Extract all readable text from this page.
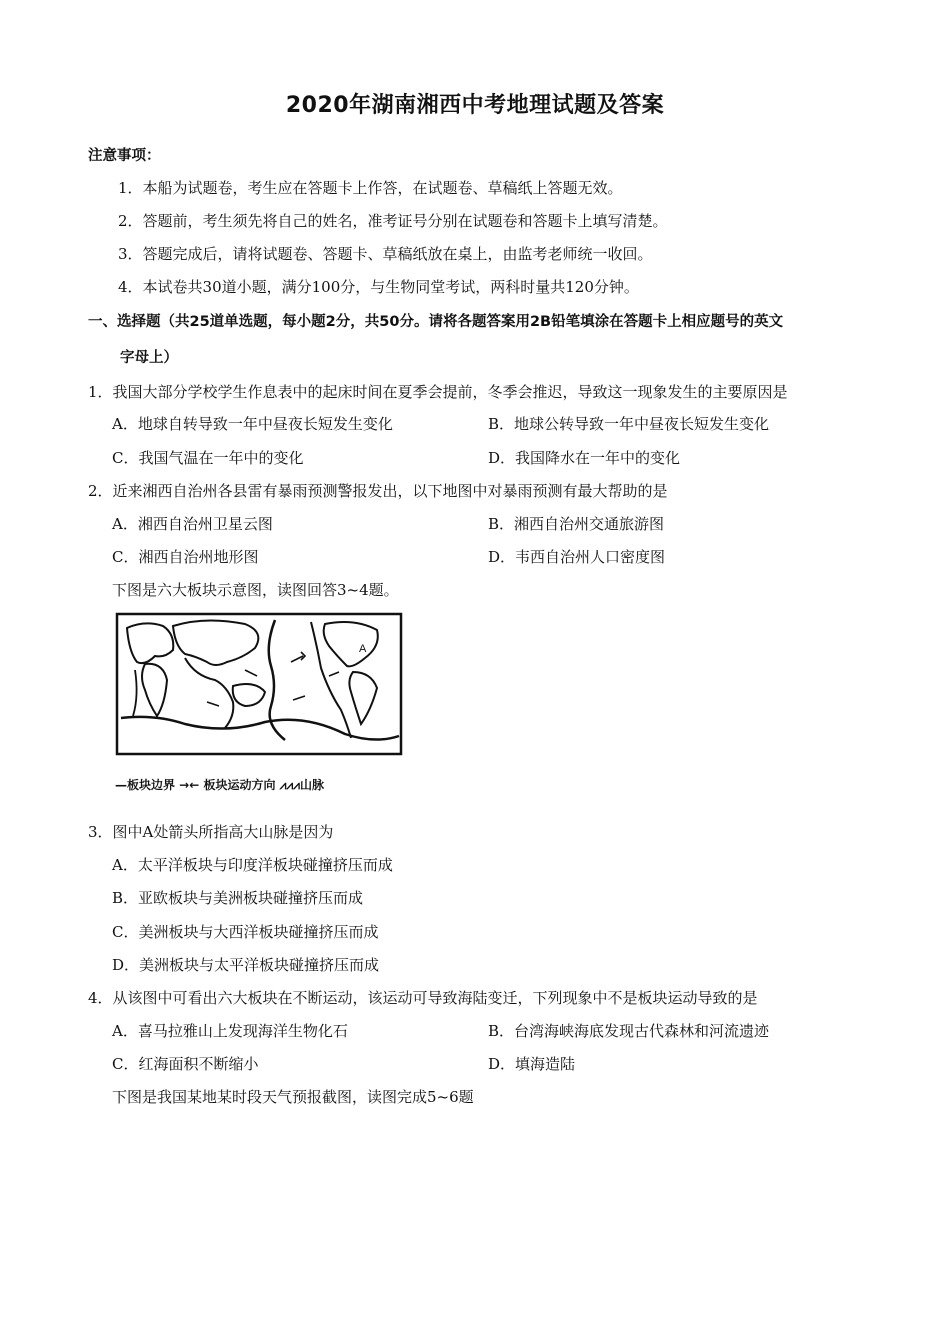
2020年湖南湘西中考地理试题及答案
注意事项：
1．本船为试题卷，考生应在答题卡上作答，在试题卷、草稿纸上答题无效。
2．答题前，考生须先将自己的姓名，准考证号分别在试题卷和答题卡上填写清楚。
3．答题完成后，请将试题卷、答题卡、草稿纸放在桌上，由监考老师统一收回。
4．本试卷共30道小题，满分100分，与生物同堂考试，两科时量共120分钟。
一、选择题（共25道单选题，每小题2分，共50分。请将各题答案用2B铅笔填涂在答题卡上相应题号的英文
字母上）
1．我国大部分学校学生作息表中的起床时间在夏季会提前，冬季会推迟，导致这一现象发生的主要原因是
A．地球自转导致一年中昼夜长短发生变化	B．地球公转导致一年中昼夜长短发生变化
C．我国气温在一年中的变化	D．我国降水在一年中的变化
2．近来湘西自治州各县雷有暴雨预测警报发出，以下地图中对暴雨预测有最大帮助的是
A．湘西自治州卫星云图	B．湘西自治州交通旅游图
C．湘西自治州地形图	D．韦西自治州人口密度图
下图是六大板块示意图，读图回答3~4题。
A
—板块边界 →← 板块运动方向 ⩘⩘⩘山脉
3．图中A处箭头所指高大山脉是因为
A．太平洋板块与印度洋板块碰撞挤压而成
B．亚欧板块与美洲板块碰撞挤压而成
C．美洲板块与大西洋板块碰撞挤压而成
D．美洲板块与太平洋板块碰撞挤压而成
4．从该图中可看出六大板块在不断运动，该运动可导致海陆变迁，下列现象中不是板块运动导致的是
A．喜马拉雅山上发现海洋生物化石	B．台湾海峡海底发现古代森林和河流遗迹
C．红海面积不断缩小	D．填海造陆
下图是我国某地某时段天气预报截图，读图完成5~6题
